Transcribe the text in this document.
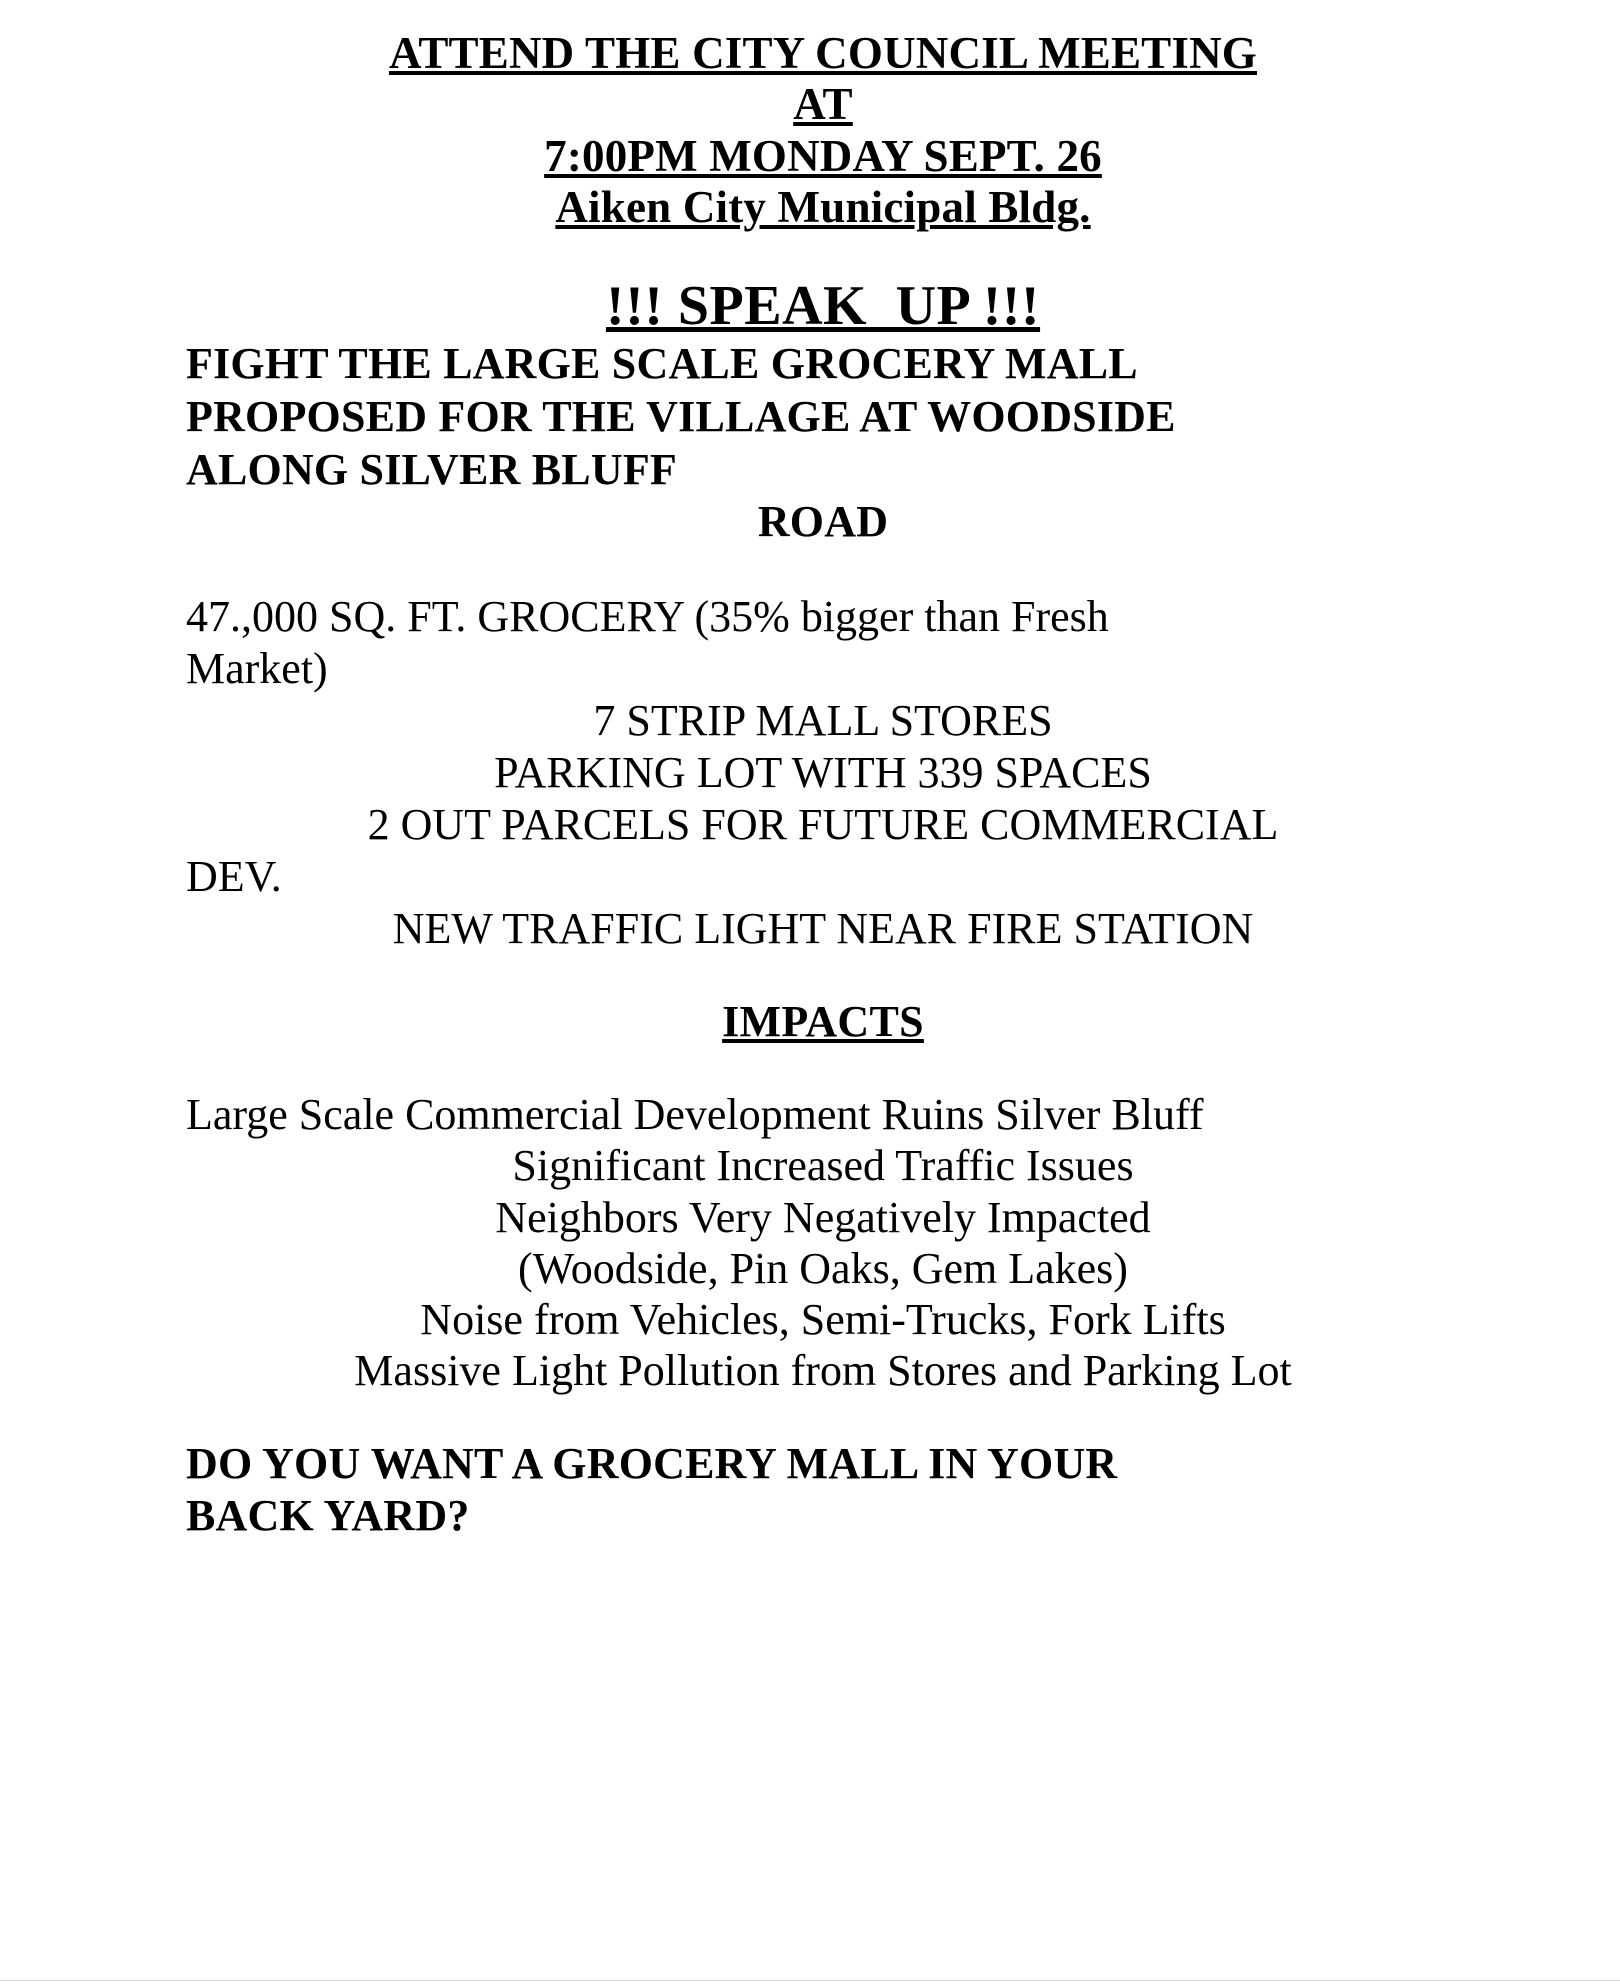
ATTEND THE CITY COUNCIL MEETING
AT
7:00PM MONDAY SEPT. 26
Aiken City Municipal Bldg.
!!! SPEAK_UP !!!
FIGHT THE LARGE SCALE GROCERY MALL
PROPOSED FOR THE VILLAGE AT WOODSIDE
ALONG SILVER BLUFF
ROAD
47.,000 SQ. FT. GROCERY (35% bigger than Fresh
Market)
7 STRIP MALL STORES
PARKING LOT WITH 339 SPACES
2 OUT PARCELS FOR FUTURE COMMERCIAL
DEV.
NEW TRAFFIC LIGHT NEAR FIRE STATION
IMPACTS
Large Scale Commercial Development Ruins Silver Bluff
Significant Increased Traffic Issues
Neighbors Very Negatively Impacted
(Woodside, Pin Oaks, Gem Lakes)
Noise from Vehicles, Semi-Trucks, Fork Lifts
Massive Light Pollution from Stores and Parking Lot
DO YOU WANT A GROCERY MALL IN YOUR
BACK YARD?
